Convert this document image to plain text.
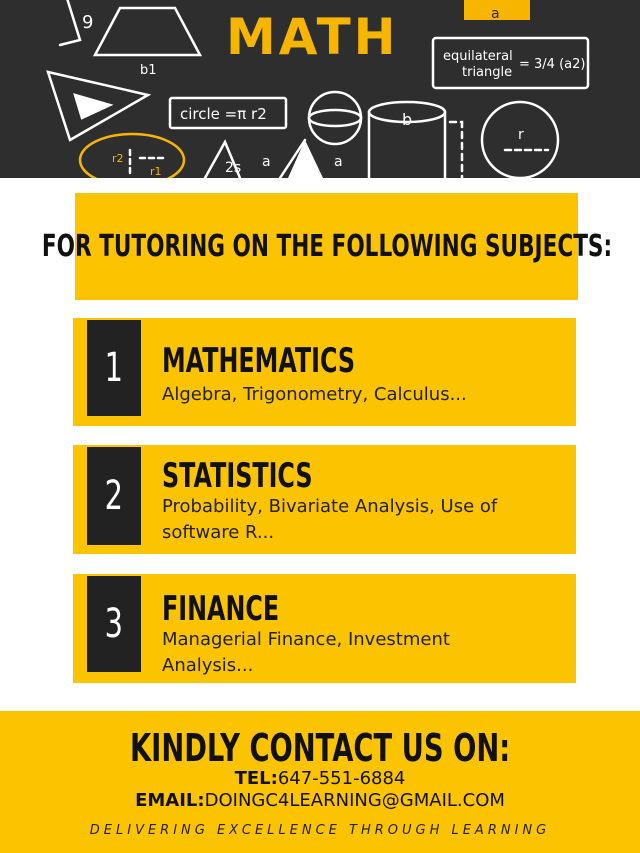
9
b1
a
circle =π r2
equilateral
triangle
= 3/4 (a2)
b
r
r2
r1	2s a	a
MATH
FOR TUTORING ON THE FOLLOWING SUBJECTS:
1 MATHEMATICS
Algebra, Trigonometry, Calculus...
2 STATISTICS
Probability, Bivariate Analysis, Use of software R...
3 FINANCE
Managerial Finance, Investment Analysis...
KINDLY CONTACT US ON:
TEL:647-551-6884
EMAIL:DOINGC4LEARNING@GMAIL.COM
DELIVERING EXCELLENCE THROUGH LEARNING
